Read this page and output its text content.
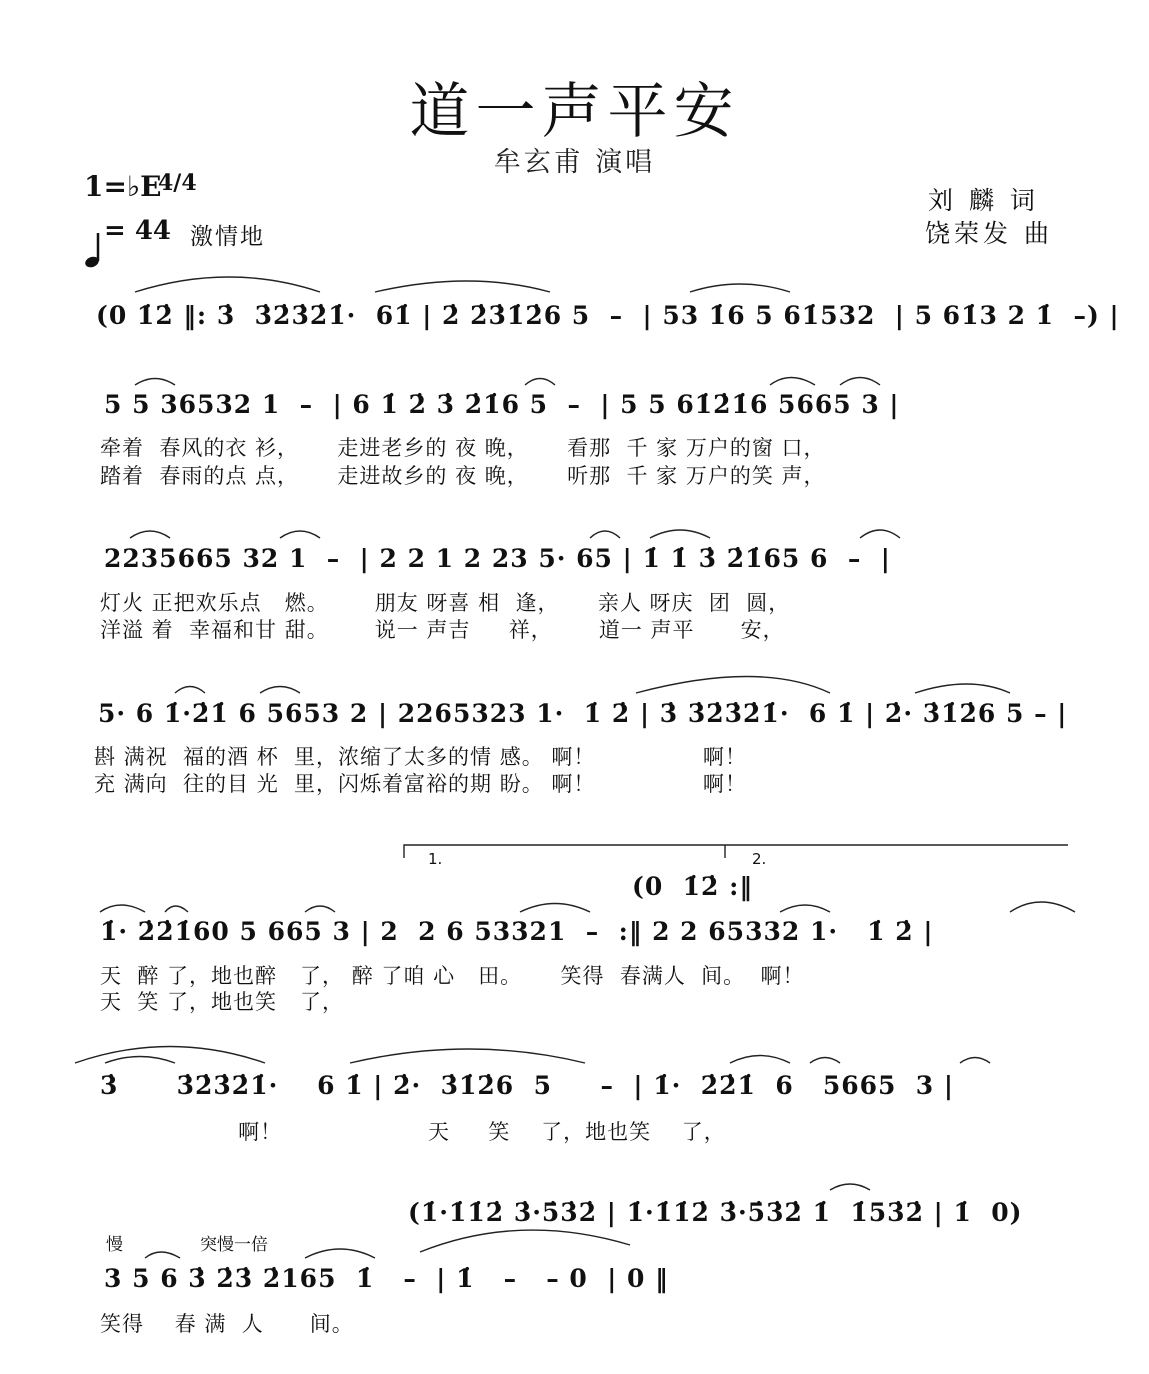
道一声平安
牟玄甫 演唱
刘 麟 词
饶荣发 曲
1=♭E
4/4

= 44 激情地
(0 1̇2̇ ‖: 3̇  3̇2̇3̇2̇1̇·  61̇ | 2̇ 2̇3̇1̇2̇6 5  –  | 53 1̇6 5 61̇532  | 5 61̇3 2 1̇  –) |
5 5 36532 1  –  | 6 1̇ 2̇ 3̇ 2̇1̇6 5  –  | 5 5 61̇2̇1̇6 5665 3 |
牵着  春风的衣 衫，     走进老乡的 夜 晚，     看那  千 家 万户的窗 口，
踏着  春雨的点 点，     走进故乡的 夜 晚，     听那  千 家 万户的笑 声，
2235665 32 1  –  | 2 2 1 2 23 5· 65 | 1̇ 1̇ 3̇ 2̇1̇65 6  –  |
灯火 正把欢乐点   燃。      朋友 呀喜 相  逢，     亲人 呀庆  团  圆，
洋溢 着  幸福和甘 甜。      说一 声吉     祥，      道一 声平      安，
5· 6 1̇·2̇1̇ 6 5653 2 | 2265323 1·  1̇ 2̇ | 3̇ 3̇2̇3̇2̇1̇·  6 1̇ | 2̇· 3̇1̇2̇6 5 – |
斟 满祝  福的酒 杯  里，浓缩了太多的情 感。 啊！              啊！
充 满向  往的目 光  里，闪烁着富裕的期 盼。 啊！              啊！
1.	2.
(0  1̇2̇ :‖
1̇· 2̇2̇1̇60 5 665 3 | 2  2 6 53321  –  :‖ 2 2 65332 1·   1̇ 2̇ |
天  醉 了，地也醉   了， 醉 了咱 心   田。     笑得  春满人  间。  啊！
天  笑 了，地也笑   了，
3̇      3̇2̇3̇2̇1̇·    6 1̇ | 2̇·  3̇1̇2̇6  5     –  | 1̇·  2̇2̇1̇  6   5665  3 |
啊！                   天     笑    了，地也笑    了，
(1̇·1̇1̇2̇ 3̇·5̇3̇2̇ | 1̇·1̇1̇2̇ 3̇·5̇3̇2̇ 1̇  1̇53̇2̇ | 1̇  0)
慢	突慢一倍
3 5 6 3̇ 2̇3̇ 2̇165  1̇   –  | 1̇   –   – 0  | 0 ‖
笑得    春 满  人      间。
